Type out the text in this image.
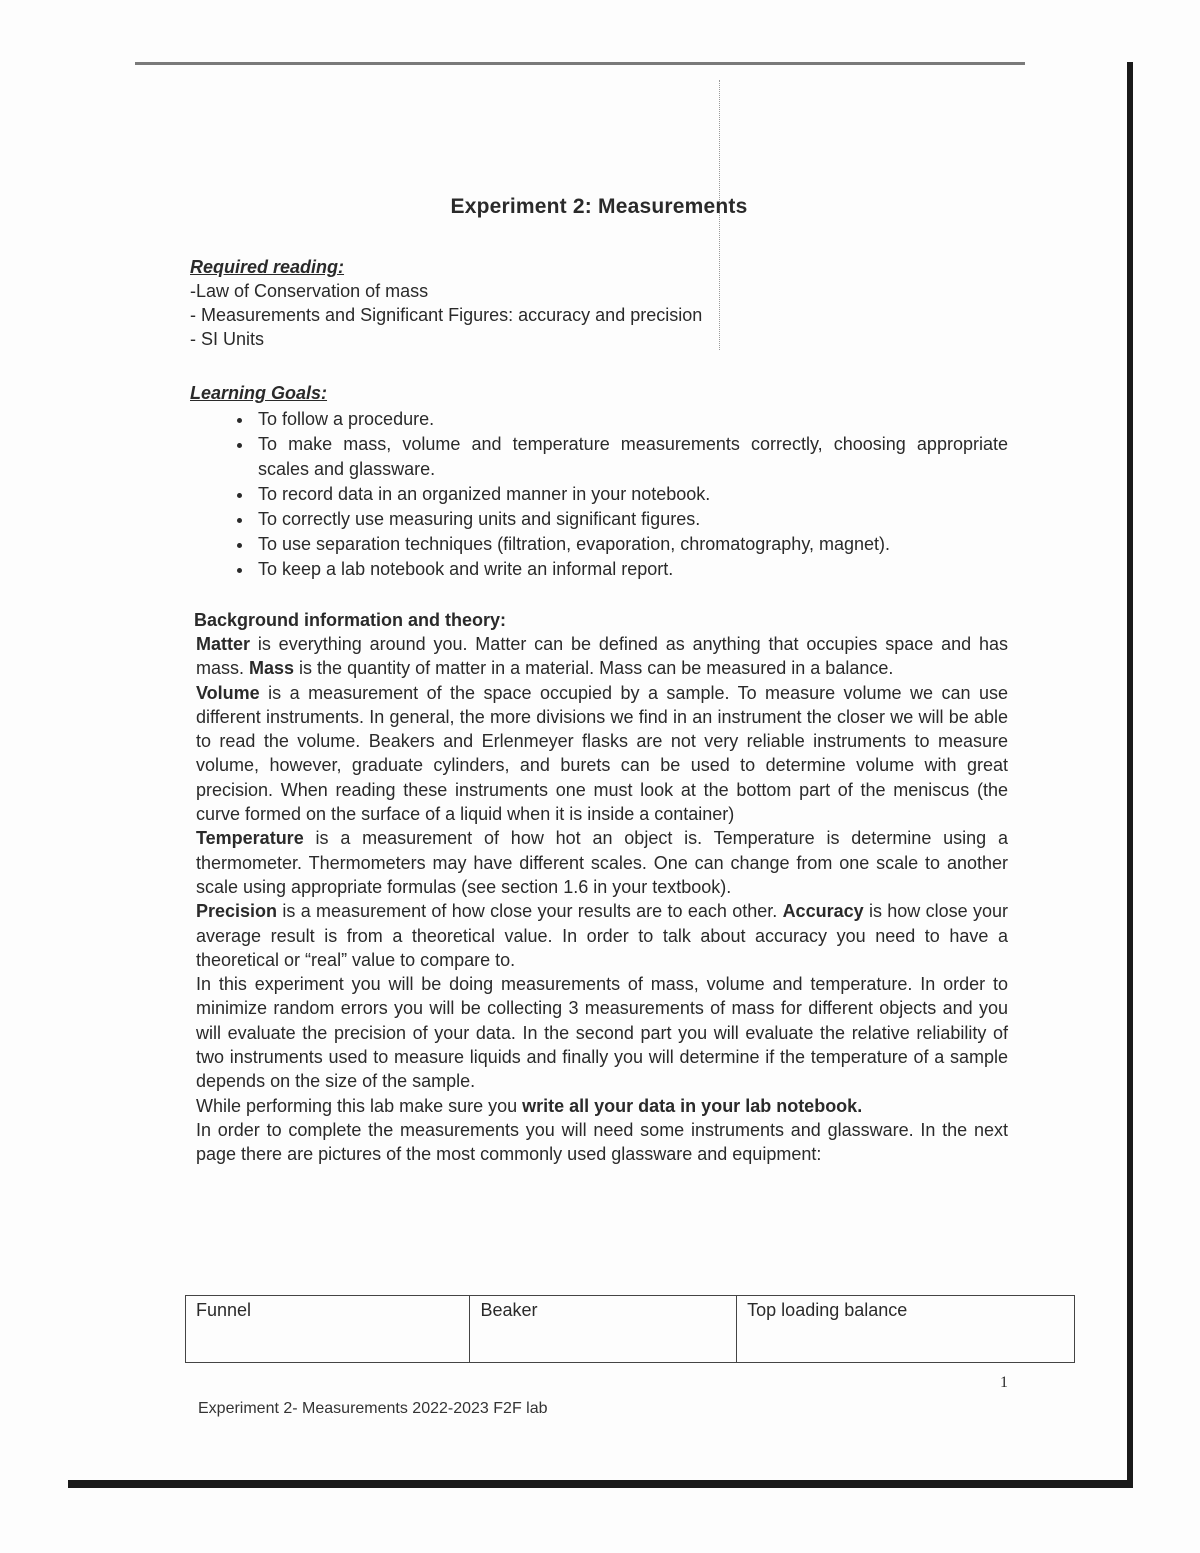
Experiment 2: Measurements

Required reading:

-Law of Conservation of mass

- Measurements and Significant Figures: accuracy and precision

- SI Units

Learning Goals:

• To follow a procedure.
• To make mass, volume and temperature measurements correctly, choosing appropriate scales and glassware.
• To record data in an organized manner in your notebook.
• To correctly use measuring units and significant figures.
• To use separation techniques (filtration, evaporation, chromatography, magnet).
• To keep a lab notebook and write an informal report.

Background information and theory:

Matter is everything around you. Matter can be defined as anything that occupies space and has mass. Mass is the quantity of matter in a material. Mass can be measured in a balance.

Volume is a measurement of the space occupied by a sample. To measure volume we can use different instruments. In general, the more divisions we find in an instrument the closer we will be able to read the volume. Beakers and Erlenmeyer flasks are not very reliable instruments to measure volume, however, graduate cylinders, and burets can be used to determine volume with great precision. When reading these instruments one must look at the bottom part of the meniscus (the curve formed on the surface of a liquid when it is inside a container)

Temperature is a measurement of how hot an object is. Temperature is determine using a thermometer. Thermometers may have different scales. One can change from one scale to another scale using appropriate formulas (see section 1.6 in your textbook).

Precision is a measurement of how close your results are to each other. Accuracy is how close your average result is from a theoretical value. In order to talk about accuracy you need to have a theoretical or “real” value to compare to.

In this experiment you will be doing measurements of mass, volume and temperature. In order to minimize random errors you will be collecting 3 measurements of mass for different objects and you will evaluate the precision of your data. In the second part you will evaluate the relative reliability of two instruments used to measure liquids and finally you will determine if the temperature of a sample depends on the size of the sample.

While performing this lab make sure you write all your data in your lab notebook.

In order to complete the measurements you will need some instruments and glassware. In the next page there are pictures of the most commonly used glassware and equipment:

Funnel	Beaker	Top loading balance
1
Experiment 2- Measurements 2022-2023 F2F lab
